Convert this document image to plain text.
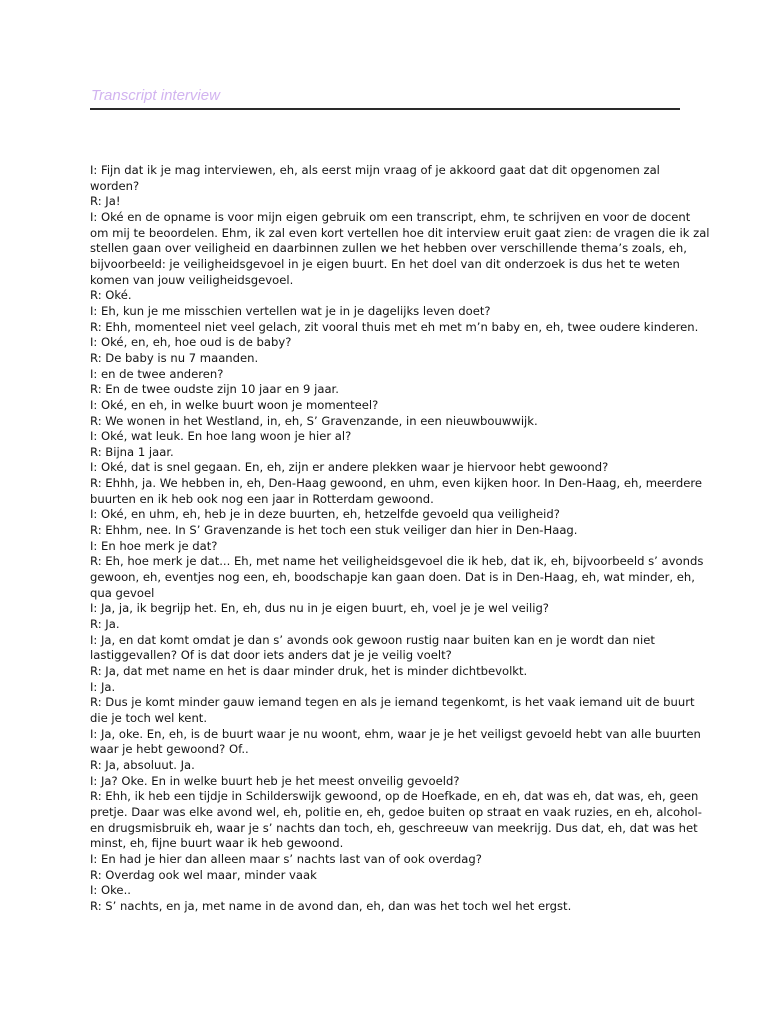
Transcript interview
I: Fijn dat ik je mag interviewen, eh, als eerst mijn vraag of je akkoord gaat dat dit opgenomen zal
worden?
R: Ja!
I: Oké en de opname is voor mijn eigen gebruik om een transcript, ehm, te schrijven en voor de docent
om mij te beoordelen. Ehm, ik zal even kort vertellen hoe dit interview eruit gaat zien: de vragen die ik zal
stellen gaan over veiligheid en daarbinnen zullen we het hebben over verschillende thema’s zoals, eh,
bijvoorbeeld: je veiligheidsgevoel in je eigen buurt. En het doel van dit onderzoek is dus het te weten
komen van jouw veiligheidsgevoel.
R: Oké.
I: Eh, kun je me misschien vertellen wat je in je dagelijks leven doet?
R: Ehh, momenteel niet veel gelach, zit vooral thuis met eh met m’n baby en, eh, twee oudere kinderen.
I: Oké, en, eh, hoe oud is de baby?
R: De baby is nu 7 maanden.
I: en de twee anderen?
R: En de twee oudste zijn 10 jaar en 9 jaar.
I: Oké, en eh, in welke buurt woon je momenteel?
R: We wonen in het Westland, in, eh, S’ Gravenzande, in een nieuwbouwwijk.
I: Oké, wat leuk. En hoe lang woon je hier al?
R: Bijna 1 jaar.
I: Oké, dat is snel gegaan. En, eh, zijn er andere plekken waar je hiervoor hebt gewoond?
R: Ehhh, ja. We hebben in, eh, Den-Haag gewoond, en uhm, even kijken hoor. In Den-Haag, eh, meerdere
buurten en ik heb ook nog een jaar in Rotterdam gewoond.
I: Oké, en uhm, eh, heb je in deze buurten, eh, hetzelfde gevoeld qua veiligheid?
R: Ehhm, nee. In S’ Gravenzande is het toch een stuk veiliger dan hier in Den-Haag.
I: En hoe merk je dat?
R: Eh, hoe merk je dat... Eh, met name het veiligheidsgevoel die ik heb, dat ik, eh, bijvoorbeeld s’ avonds
gewoon, eh, eventjes nog een, eh, boodschapje kan gaan doen. Dat is in Den-Haag, eh, wat minder, eh,
qua gevoel
I: Ja, ja, ik begrijp het. En, eh, dus nu in je eigen buurt, eh, voel je je wel veilig?
R: Ja.
I: Ja, en dat komt omdat je dan s’ avonds ook gewoon rustig naar buiten kan en je wordt dan niet
lastiggevallen? Of is dat door iets anders dat je je veilig voelt?
R: Ja, dat met name en het is daar minder druk, het is minder dichtbevolkt.
I: Ja.
R: Dus je komt minder gauw iemand tegen en als je iemand tegenkomt, is het vaak iemand uit de buurt
die je toch wel kent.
I: Ja, oke. En, eh, is de buurt waar je nu woont, ehm, waar je je het veiligst gevoeld hebt van alle buurten
waar je hebt gewoond? Of..
R: Ja, absoluut. Ja.
I: Ja? Oke. En in welke buurt heb je het meest onveilig gevoeld?
R: Ehh, ik heb een tijdje in Schilderswijk gewoond, op de Hoefkade, en eh, dat was eh, dat was, eh, geen
pretje. Daar was elke avond wel, eh, politie en, eh, gedoe buiten op straat en vaak ruzies, en eh, alcohol-
en drugsmisbruik eh, waar je s’ nachts dan toch, eh, geschreeuw van meekrijg. Dus dat, eh, dat was het
minst, eh, fijne buurt waar ik heb gewoond.
I: En had je hier dan alleen maar s’ nachts last van of ook overdag?
R: Overdag ook wel maar, minder vaak
I: Oke..
R: S’ nachts, en ja, met name in de avond dan, eh, dan was het toch wel het ergst.
